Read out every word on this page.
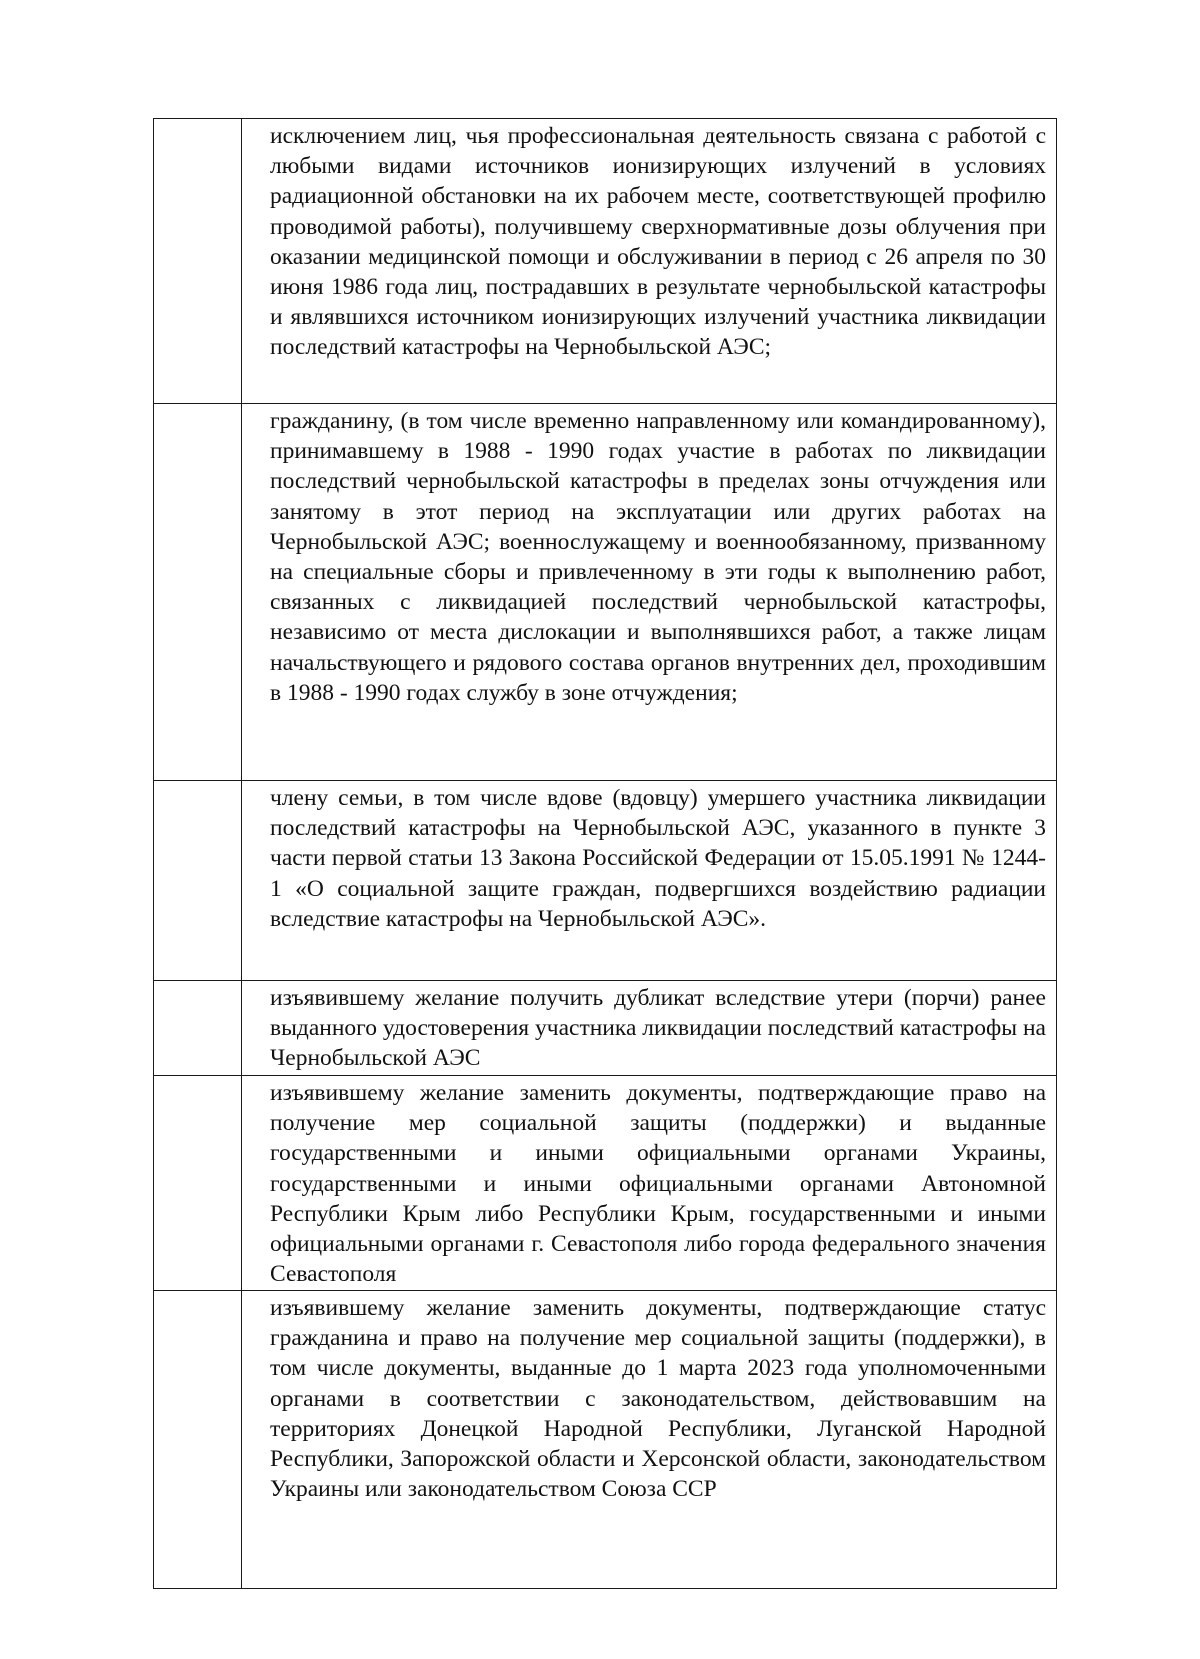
	исключением лиц, чья профессиональная деятельность связана с работой с любыми видами источников ионизирующих излучений в условиях радиационной обстановки на их рабочем месте, соответствующей профилю проводимой работы), получившему сверхнормативные дозы облучения при оказании медицинской помощи и обслуживании в период с 26 апреля по 30 июня 1986 года лиц, пострадавших в результате чернобыльской катастрофы и являвшихся источником ионизирующих излучений участника ликвидации последствий катастрофы на Чернобыльской АЭС;
	гражданину, (в том числе временно направленному или командированному), принимавшему в 1988 - 1990 годах участие в работах по ликвидации последствий чернобыльской катастрофы в пределах зоны отчуждения или занятому в этот период на эксплуатации или других работах на Чернобыльской АЭС; военнослужащему и военнообязанному, призванному на специальные сборы и привлеченному в эти годы к выполнению работ, связанных с ликвидацией последствий чернобыльской катастрофы, независимо от места дислокации и выполнявшихся работ, а также лицам начальствующего и рядового состава органов внутренних дел, проходившим в 1988 - 1990 годах службу в зоне отчуждения;
	члену семьи, в том числе вдове (вдовцу) умершего участника ликвидации последствий катастрофы на Чернобыльской АЭС, указанного в пункте 3 части первой статьи 13 Закона Российской Федерации от 15.05.1991 № 1244-1 «О социальной защите граждан, подвергшихся воздействию радиации вследствие катастрофы на Чернобыльской АЭС».
	изъявившему желание получить дубликат вследствие утери (порчи) ранее выданного удостоверения участника ликвидации последствий катастрофы на Чернобыльской АЭС
	изъявившему желание заменить документы, подтверждающие право на получение мер социальной защиты (поддержки) и выданные государственными и иными официальными органами Украины, государственными и иными официальными органами Автономной Республики Крым либо Республики Крым, государственными и иными официальными органами г. Севастополя либо города федерального значения Севастополя
	изъявившему желание заменить документы, подтверждающие статус гражданина и право на получение мер социальной защиты (поддержки), в том числе документы, выданные до 1 марта 2023 года уполномоченными органами в соответствии с законодательством, действовавшим на территориях Донецкой Народной Республики, Луганской Народной Республики, Запорожской области и Херсонской области, законодательством Украины или законодательством Союза ССР
